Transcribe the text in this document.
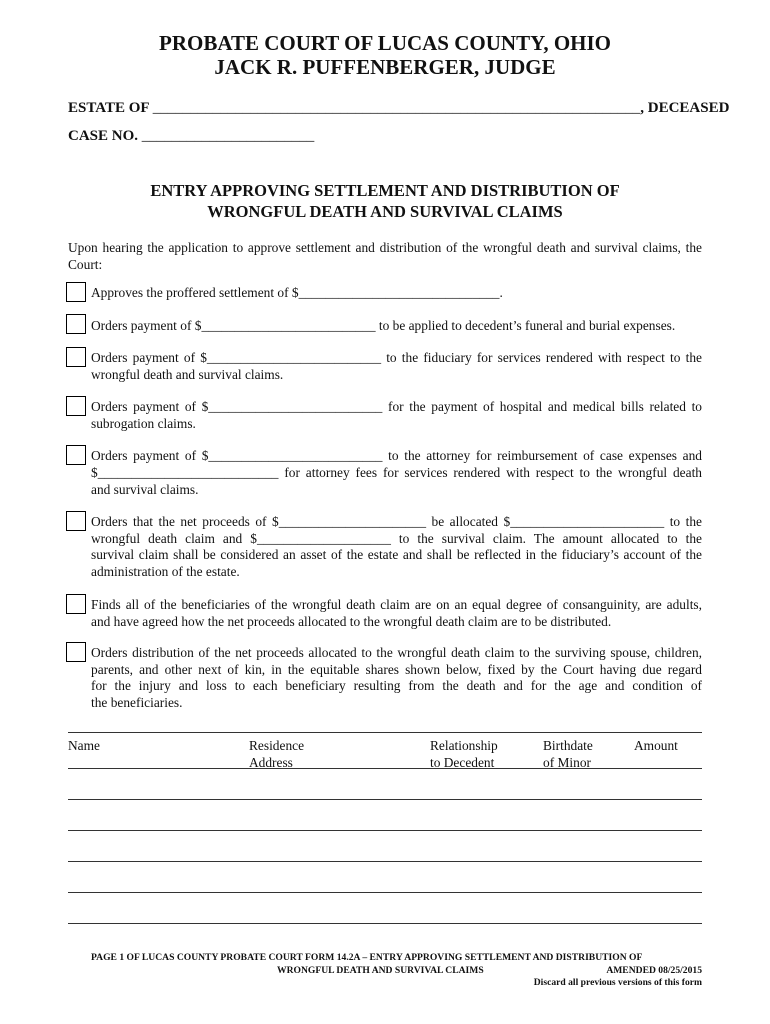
PROBATE COURT OF LUCAS COUNTY, OHIO
JACK R. PUFFENBERGER, JUDGE
ESTATE OF _________________________________________________________________, DECEASED
CASE NO. _______________________
ENTRY APPROVING SETTLEMENT AND DISTRIBUTION OF
WRONGFUL DEATH AND SURVIVAL CLAIMS
Upon hearing the application to approve settlement and distribution of the wrongful death and survival claims, the
Court:
Approves the proffered settlement of $______________________________.
Orders payment of $__________________________ to be applied to decedent’s funeral and burial expenses.
Orders payment of $__________________________ to the fiduciary for services rendered with respect to the
wrongful death and survival claims.
Orders payment of $__________________________ for the payment of hospital and medical bills related to
subrogation claims.
Orders payment of $__________________________ to the attorney for reimbursement of case expenses and
$___________________________ for attorney fees for services rendered with respect to the wrongful death
and survival claims.
Orders that the net proceeds of $______________________ be allocated $_______________________ to the
wrongful death claim and $____________________ to the survival claim. The amount allocated to the
survival claim shall be considered an asset of the estate and shall be reflected in the fiduciary’s account of the
administration of the estate.
Finds all of the beneficiaries of the wrongful death claim are on an equal degree of consanguinity, are adults,
and have agreed how the net proceeds allocated to the wrongful death claim are to be distributed.
Orders distribution of the net proceeds allocated to the wrongful death claim to the surviving spouse, children,
parents, and other next of kin, in the equitable shares shown below, fixed by the Court having due regard
for the injury and loss to each beneficiary resulting from the death and for the age and condition of
the beneficiaries.
Name	Residence
Address
Relationship
to Decedent
Birthdate
of Minor
Amount
PAGE 1 OF LUCAS COUNTY PROBATE COURT FORM 14.2A – ENTRY APPROVING SETTLEMENT AND DISTRIBUTION OF
WRONGFUL DEATH AND SURVIVAL CLAIMS	AMENDED 08/25/2015
Discard all previous versions of this form
